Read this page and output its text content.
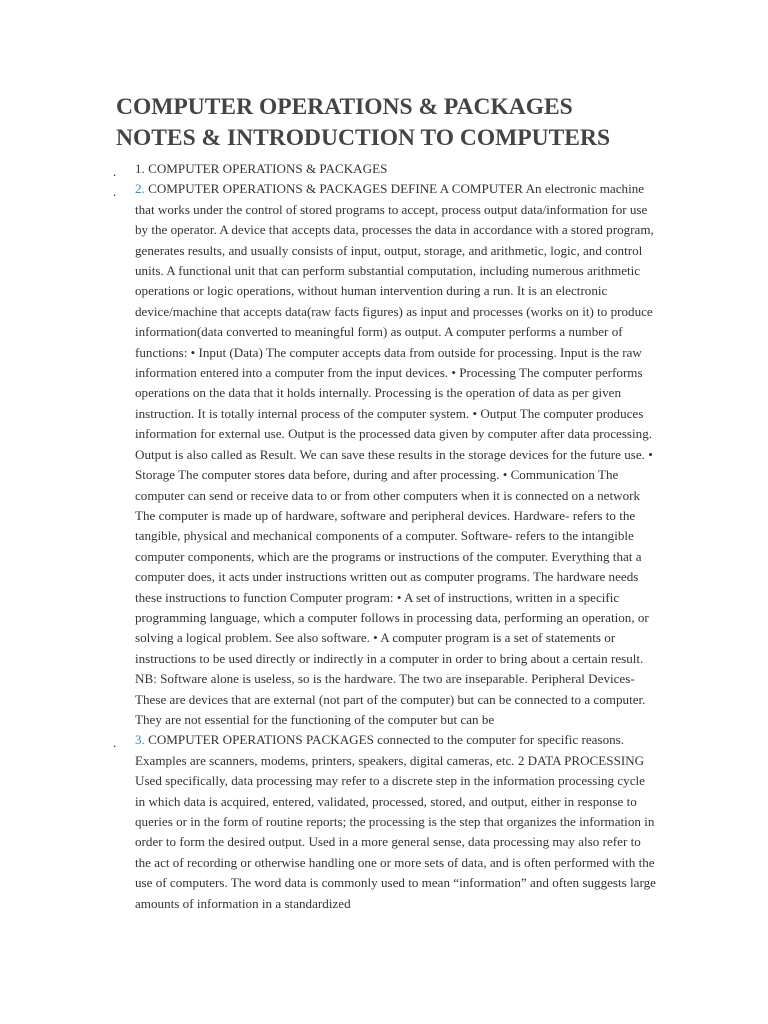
COMPUTER OPERATIONS & PACKAGES
NOTES & INTRODUCTION TO COMPUTERS
. 1. COMPUTER OPERATIONS & PACKAGES
. 2. COMPUTER OPERATIONS & PACKAGES DEFINE A COMPUTER An electronic machine that works under the control of stored programs to accept, process output data/information for use by the operator. A device that accepts data, processes the data in accordance with a stored program, generates results, and usually consists of input, output, storage, and arithmetic, logic, and control units. A functional unit that can perform substantial computation, including numerous arithmetic operations or logic operations, without human intervention during a run. It is an electronic device/machine that accepts data(raw facts figures) as input and processes (works on it) to produce information(data converted to meaningful form) as output. A computer performs a number of functions: • Input (Data) The computer accepts data from outside for processing. Input is the raw information entered into a computer from the input devices. • Processing The computer performs operations on the data that it holds internally. Processing is the operation of data as per given instruction. It is totally internal process of the computer system. • Output The computer produces information for external use. Output is the processed data given by computer after data processing. Output is also called as Result. We can save these results in the storage devices for the future use. • Storage The computer stores data before, during and after processing. • Communication The computer can send or receive data to or from other computers when it is connected on a network The computer is made up of hardware, software and peripheral devices. Hardware- refers to the tangible, physical and mechanical components of a computer. Software- refers to the intangible computer components, which are the programs or instructions of the computer. Everything that a computer does, it acts under instructions written out as computer programs. The hardware needs these instructions to function Computer program: • A set of instructions, written in a specific programming language, which a computer follows in processing data, performing an operation, or solving a logical problem. See also software. • A computer program is a set of statements or instructions to be used directly or indirectly in a computer in order to bring about a certain result. NB: Software alone is useless, so is the hardware. The two are inseparable. Peripheral Devices- These are devices that are external (not part of the computer) but can be connected to a computer. They are not essential for the functioning of the computer but can be
. 3. COMPUTER OPERATIONS PACKAGES connected to the computer for specific reasons. Examples are scanners, modems, printers, speakers, digital cameras, etc. 2 DATA PROCESSING Used specifically, data processing may refer to a discrete step in the information processing cycle in which data is acquired, entered, validated, processed, stored, and output, either in response to queries or in the form of routine reports; the processing is the step that organizes the information in order to form the desired output. Used in a more general sense, data processing may also refer to the act of recording or otherwise handling one or more sets of data, and is often performed with the use of computers. The word data is commonly used to mean “information” and often suggests large amounts of information in a standardized
